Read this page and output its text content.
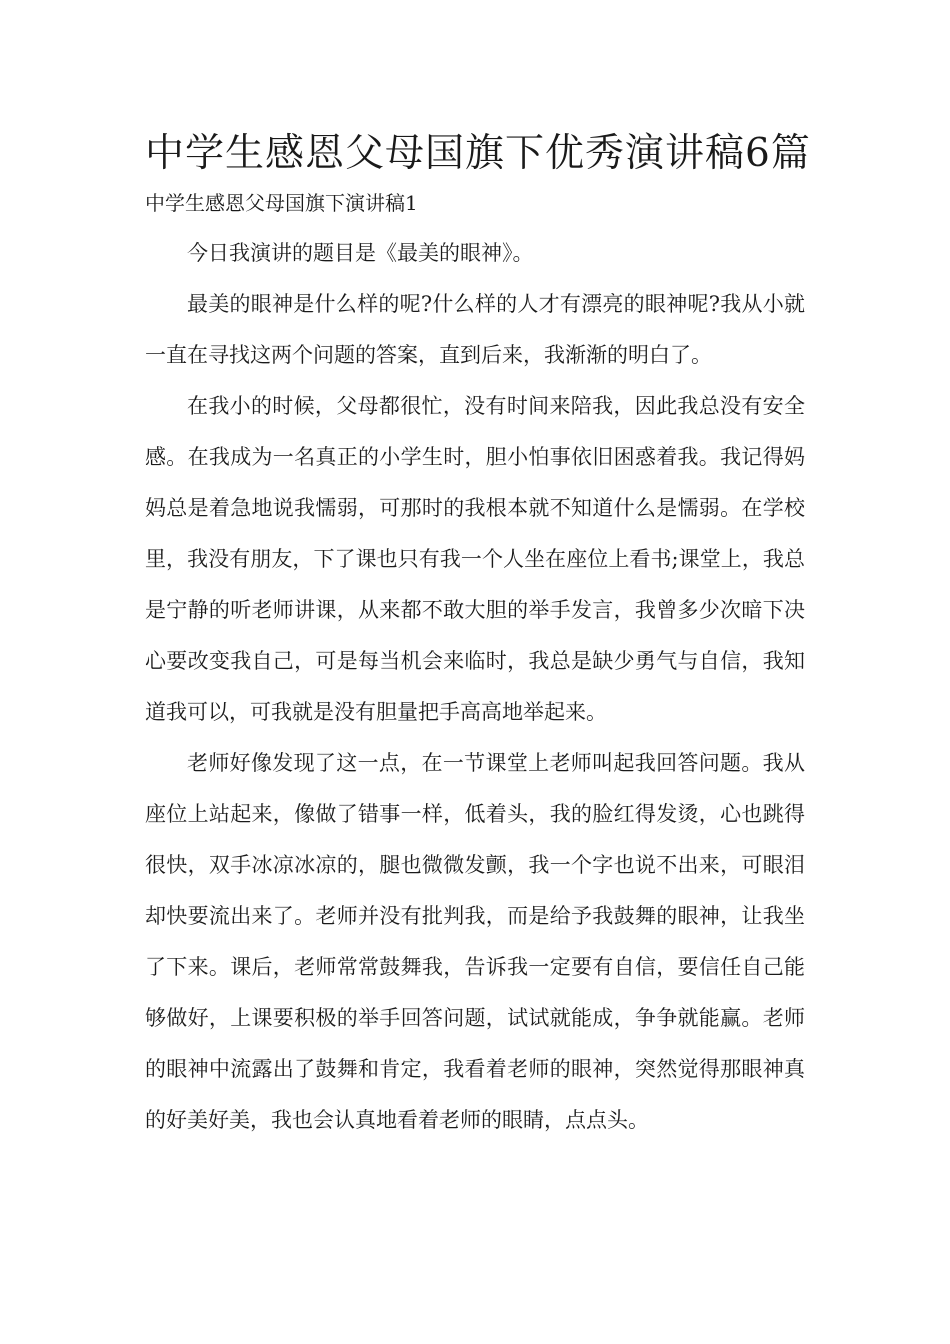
中学生感恩父母国旗下优秀演讲稿6篇
中学生感恩父母国旗下演讲稿1

今日我演讲的题目是《最美的眼神》。

最美的眼神是什么样的呢?什么样的人才有漂亮的眼神呢?我从小就一直在寻找这两个问题的答案，直到后来，我渐渐的明白了。

在我小的时候，父母都很忙，没有时间来陪我，因此我总没有安全感。在我成为一名真正的小学生时，胆小怕事依旧困惑着我。我记得妈妈总是着急地说我懦弱，可那时的我根本就不知道什么是懦弱。在学校里，我没有朋友，下了课也只有我一个人坐在座位上看书;课堂上，我总是宁静的听老师讲课，从来都不敢大胆的举手发言，我曾多少次暗下决心要改变我自己，可是每当机会来临时，我总是缺少勇气与自信，我知道我可以，可我就是没有胆量把手高高地举起来。

老师好像发现了这一点，在一节课堂上老师叫起我回答问题。我从座位上站起来，像做了错事一样，低着头，我的脸红得发烫，心也跳得很快，双手冰凉冰凉的，腿也微微发颤，我一个字也说不出来，可眼泪却快要流出来了。老师并没有批判我，而是给予我鼓舞的眼神，让我坐了下来。课后，老师常常鼓舞我，告诉我一定要有自信，要信任自己能够做好，上课要积极的举手回答问题，试试就能成，争争就能赢。老师的眼神中流露出了鼓舞和肯定，我看着老师的眼神，突然觉得那眼神真的好美好美，我也会认真地看着老师的眼睛，点点头。
